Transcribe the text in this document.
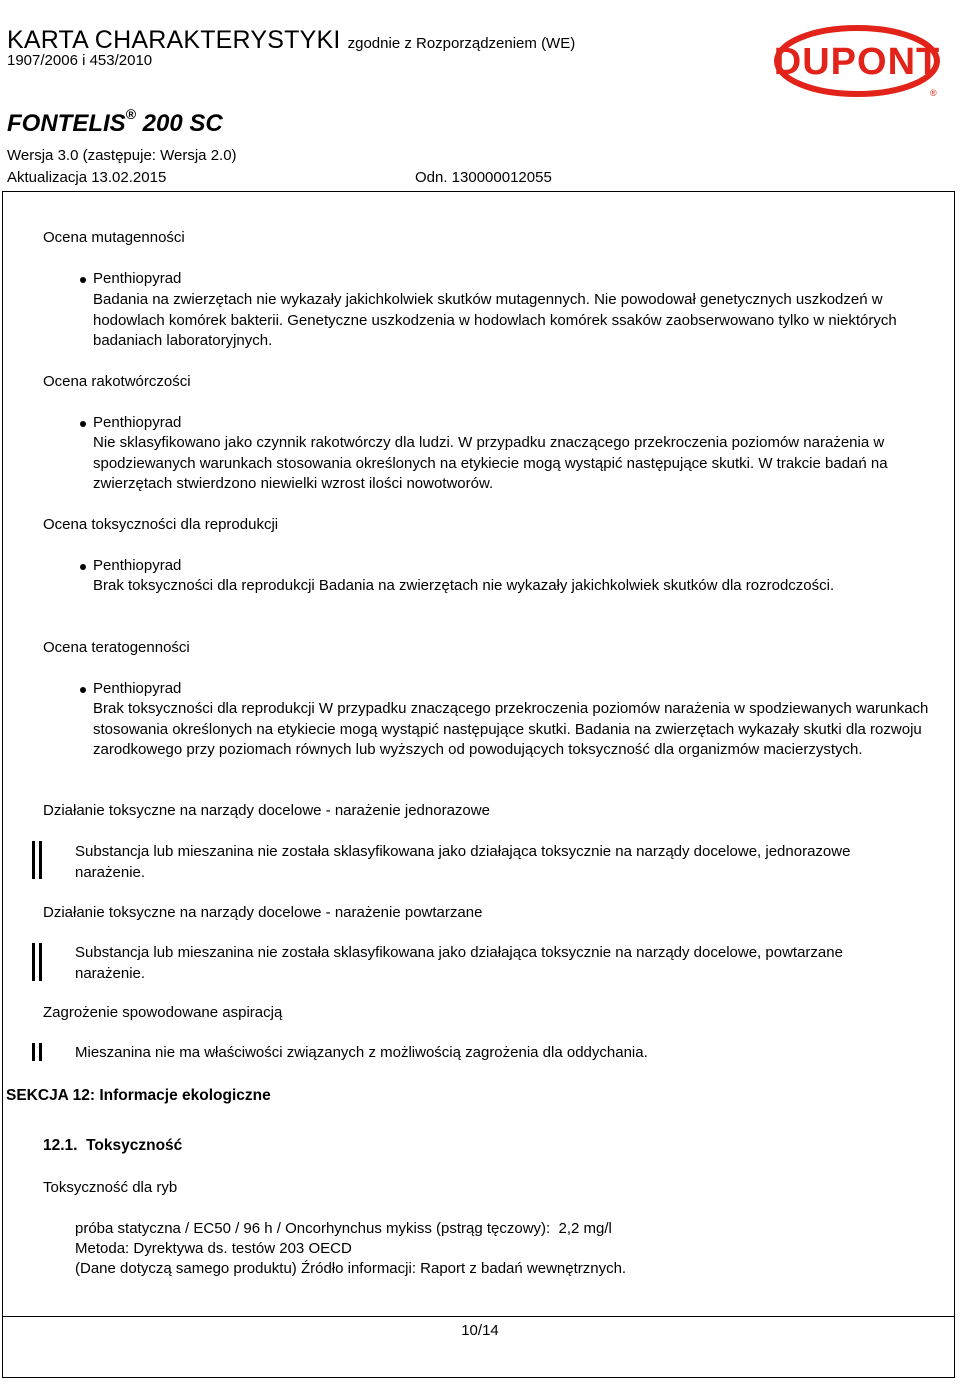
KARTA CHARAKTERYSTYKI zgodnie z Rozporządzeniem (WE)
1907/2006 i 453/2010
FONTELIS® 200 SC
Wersja 3.0 (zastępuje: Wersja 2.0)
Aktualizacja 13.02.2015	Odn. 130000012055
DUPONT
®
Ocena mutagenności
Penthiopyrad
Badania na zwierzętach nie wykazały jakichkolwiek skutków mutagennych. Nie powodował genetycznych uszkodzeń w hodowlach komórek bakterii. Genetyczne uszkodzenia w hodowlach komórek ssaków zaobserwowano tylko w niektórych badaniach laboratoryjnych.
Ocena rakotwórczości
Penthiopyrad
Nie sklasyfikowano jako czynnik rakotwórczy dla ludzi. W przypadku znaczącego przekroczenia poziomów narażenia w spodziewanych warunkach stosowania określonych na etykiecie mogą wystąpić następujące skutki. W trakcie badań na zwierzętach stwierdzono niewielki wzrost ilości nowotworów.
Ocena toksyczności dla reprodukcji
Penthiopyrad
Brak toksyczności dla reprodukcji Badania na zwierzętach nie wykazały jakichkolwiek skutków dla rozrodczości.
Ocena teratogenności
Penthiopyrad
Brak toksyczności dla reprodukcji W przypadku znaczącego przekroczenia poziomów narażenia w spodziewanych warunkach stosowania określonych na etykiecie mogą wystąpić następujące skutki. Badania na zwierzętach wykazały skutki dla rozwoju zarodkowego przy poziomach równych lub wyższych od powodujących toksyczność dla organizmów macierzystych.
Działanie toksyczne na narządy docelowe - narażenie jednorazowe
Substancja lub mieszanina nie została sklasyfikowana jako działająca toksycznie na narządy docelowe, jednorazowe narażenie.
Działanie toksyczne na narządy docelowe - narażenie powtarzane
Substancja lub mieszanina nie została sklasyfikowana jako działająca toksycznie na narządy docelowe, powtarzane narażenie.
Zagrożenie spowodowane aspiracją
Mieszanina nie ma właściwości związanych z możliwością zagrożenia dla oddychania.
SEKCJA 12: Informacje ekologiczne
12.1.  Toksyczność
Toksyczność dla ryb
próba statyczna / EC50 / 96 h / Oncorhynchus mykiss (pstrąg tęczowy):  2,2 mg/l
Metoda: Dyrektywa ds. testów 203 OECD
(Dane dotyczą samego produktu) Źródło informacji: Raport z badań wewnętrznych.
10/14
